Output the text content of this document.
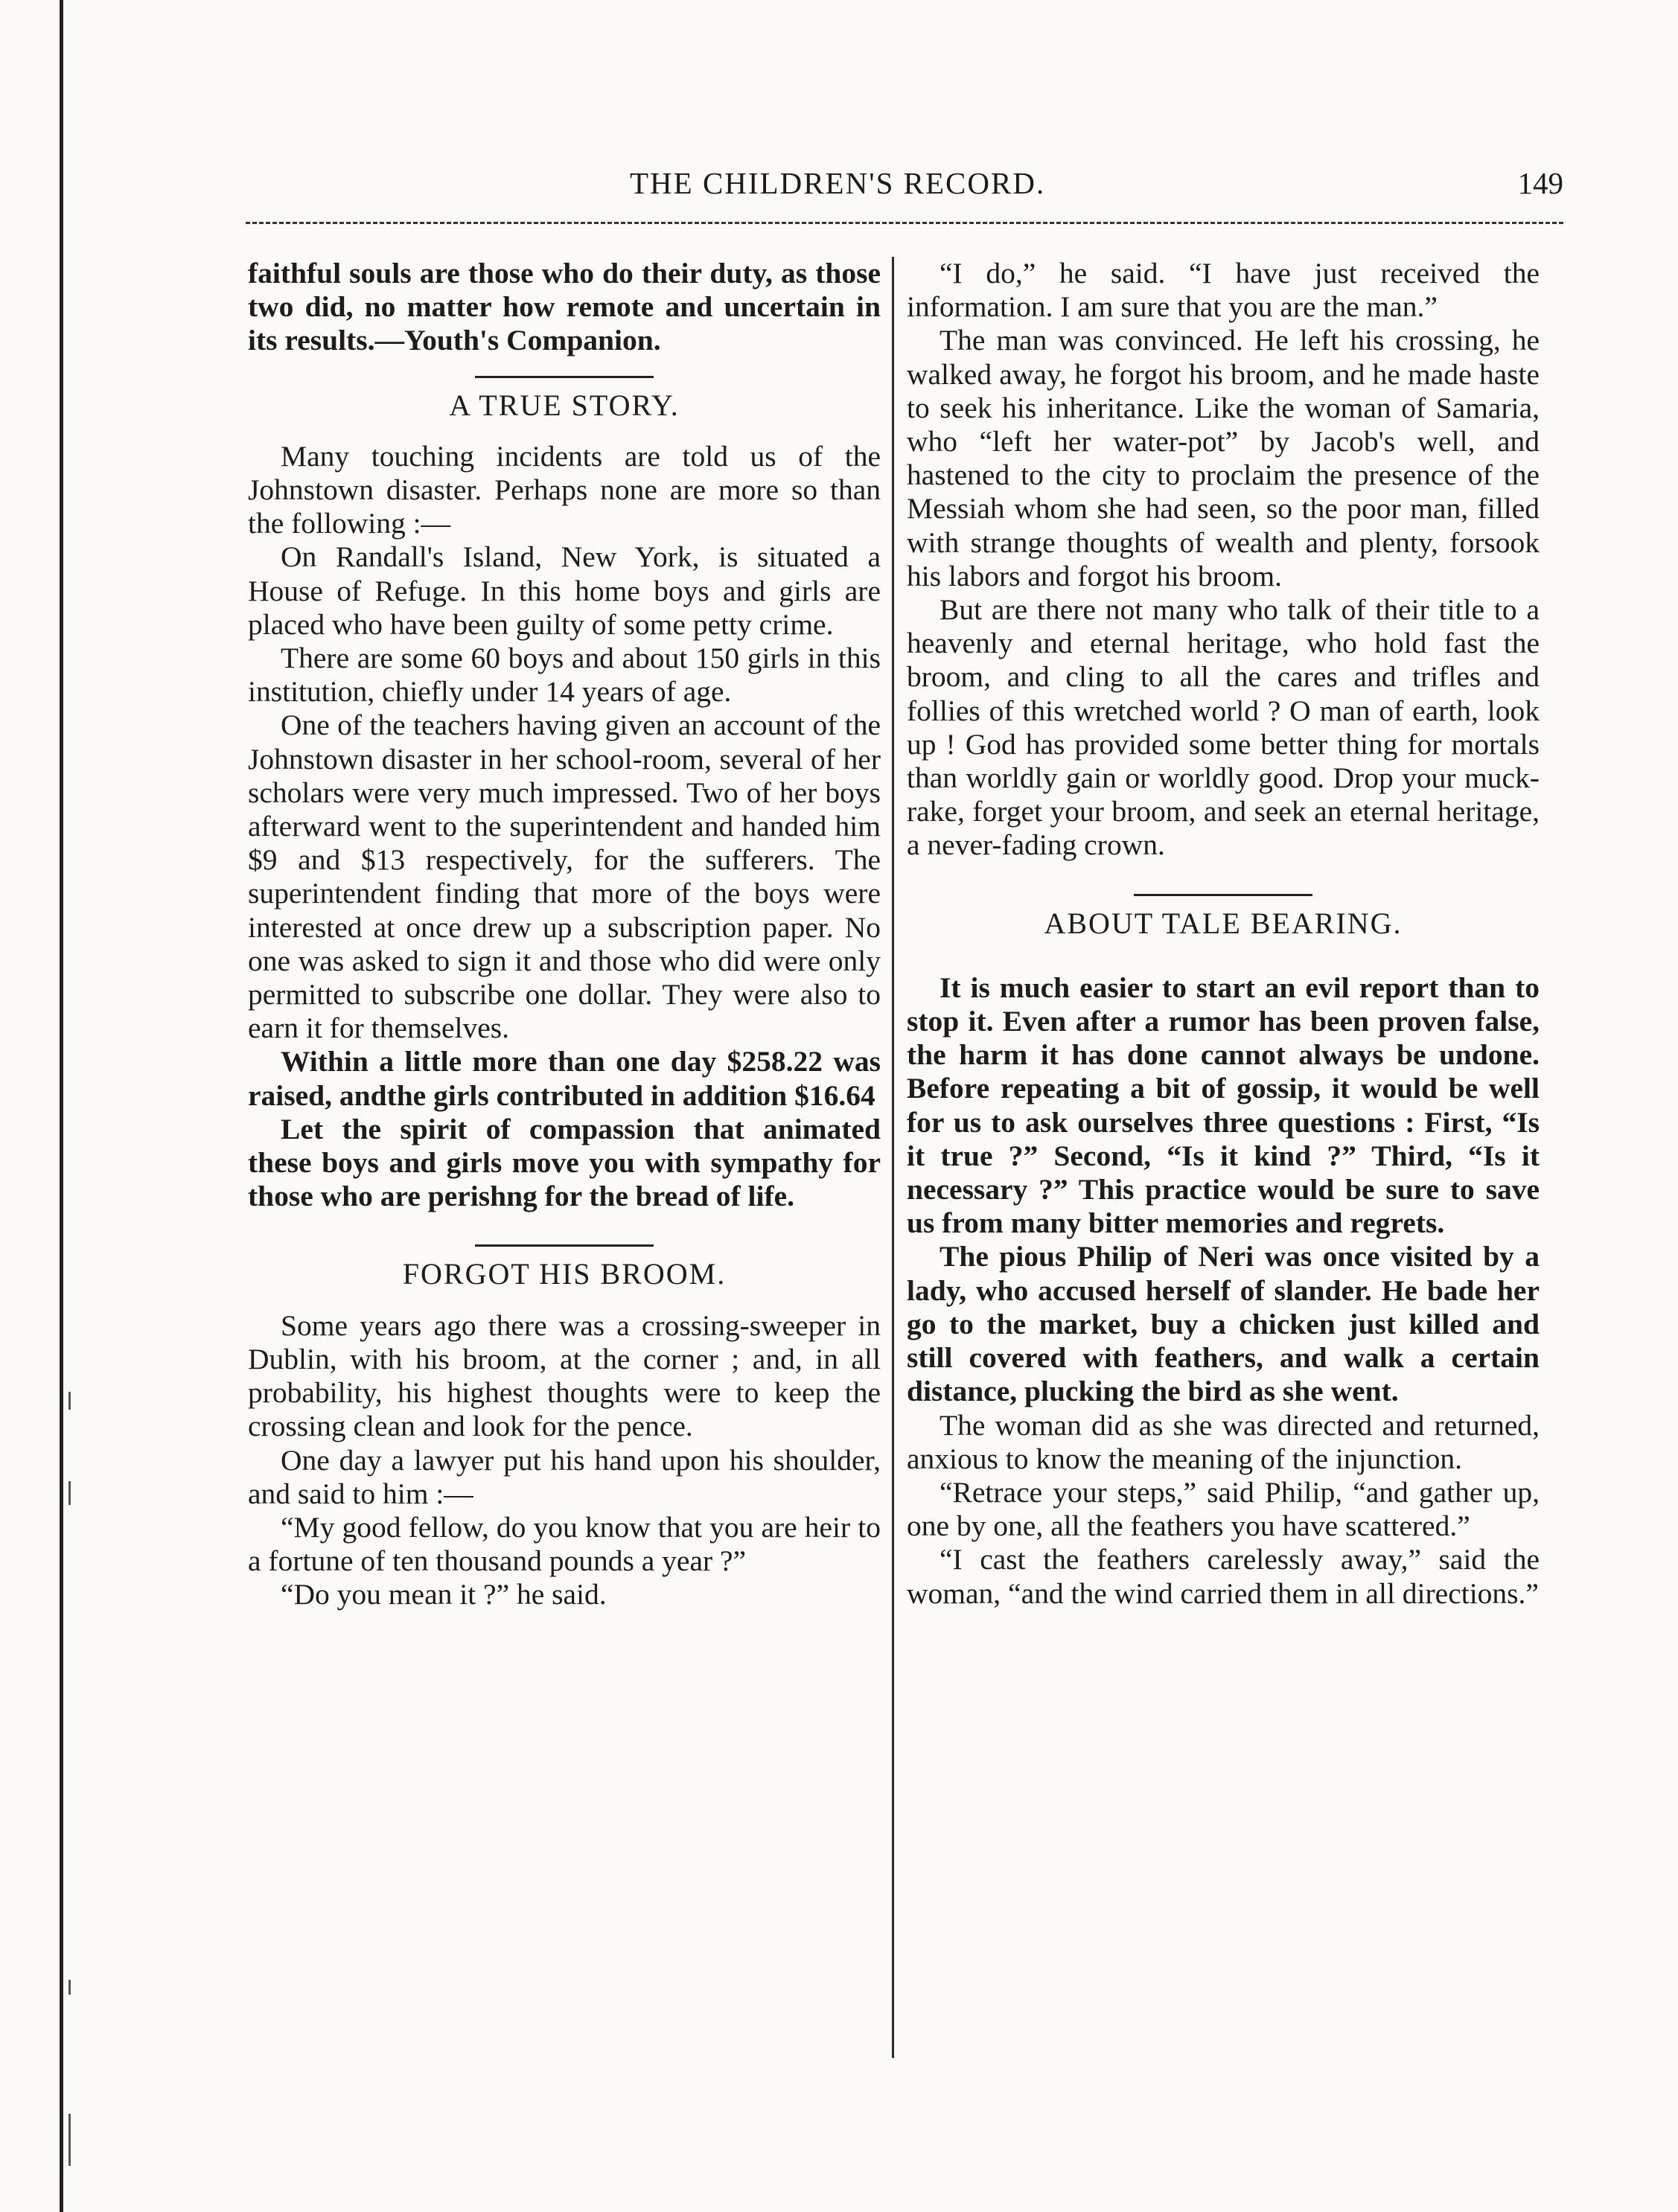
THE CHILDREN'S RECORD.	149

faithful souls are those who do their duty, as those two did, no matter how remote and uncertain in its results.—Youth's Companion.

A TRUE STORY.

Many touching incidents are told us of the Johnstown disaster. Perhaps none are more so than the following :—

On Randall's Island, New York, is situated a House of Refuge. In this home boys and girls are placed who have been guilty of some petty crime.

There are some 60 boys and about 150 girls in this institution, chiefly under 14 years of age.

One of the teachers having given an account of the Johnstown disaster in her school-room, several of her scholars were very much impressed. Two of her boys afterward went to the superintendent and handed him $9 and $13 respectively, for the sufferers. The superintendent finding that more of the boys were interested at once drew up a subscription paper. No one was asked to sign it and those who did were only permitted to subscribe one dollar. They were also to earn it for themselves.

Within a little more than one day $258.22 was raised, andthe girls contributed in addition $16.64

Let the spirit of compassion that animated these boys and girls move you with sympathy for those who are perishng for the bread of life.

FORGOT HIS BROOM.

Some years ago there was a crossing-sweeper in Dublin, with his broom, at the corner ; and, in all probability, his highest thoughts were to keep the crossing clean and look for the pence.

One day a lawyer put his hand upon his shoulder, and said to him :—

“My good fellow, do you know that you are heir to a fortune of ten thousand pounds a year ?”

“Do you mean it ?” he said.

“I do,” he said. “I have just received the information. I am sure that you are the man.”

The man was convinced. He left his crossing, he walked away, he forgot his broom, and he made haste to seek his inheritance. Like the woman of Samaria, who “left her water-pot” by Jacob's well, and hastened to the city to proclaim the presence of the Messiah whom she had seen, so the poor man, filled with strange thoughts of wealth and plenty, forsook his labors and forgot his broom.

But are there not many who talk of their title to a heavenly and eternal heritage, who hold fast the broom, and cling to all the cares and trifles and follies of this wretched world ? O man of earth, look up ! God has provided some better thing for mortals than worldly gain or worldly good. Drop your muck-rake, forget your broom, and seek an eternal heritage, a never-fading crown.

ABOUT TALE BEARING.

It is much easier to start an evil report than to stop it. Even after a rumor has been proven false, the harm it has done cannot always be undone. Before repeating a bit of gossip, it would be well for us to ask ourselves three questions : First, “Is it true ?” Second, “Is it kind ?” Third, “Is it necessary ?” This practice would be sure to save us from many bitter memories and regrets.

The pious Philip of Neri was once visited by a lady, who accused herself of slander. He bade her go to the market, buy a chicken just killed and still covered with feathers, and walk a certain distance, plucking the bird as she went.

The woman did as she was directed and returned, anxious to know the meaning of the injunction.

“Retrace your steps,” said Philip, “and gather up, one by one, all the feathers you have scattered.”

“I cast the feathers carelessly away,” said the woman, “and the wind carried them in all directions.”
